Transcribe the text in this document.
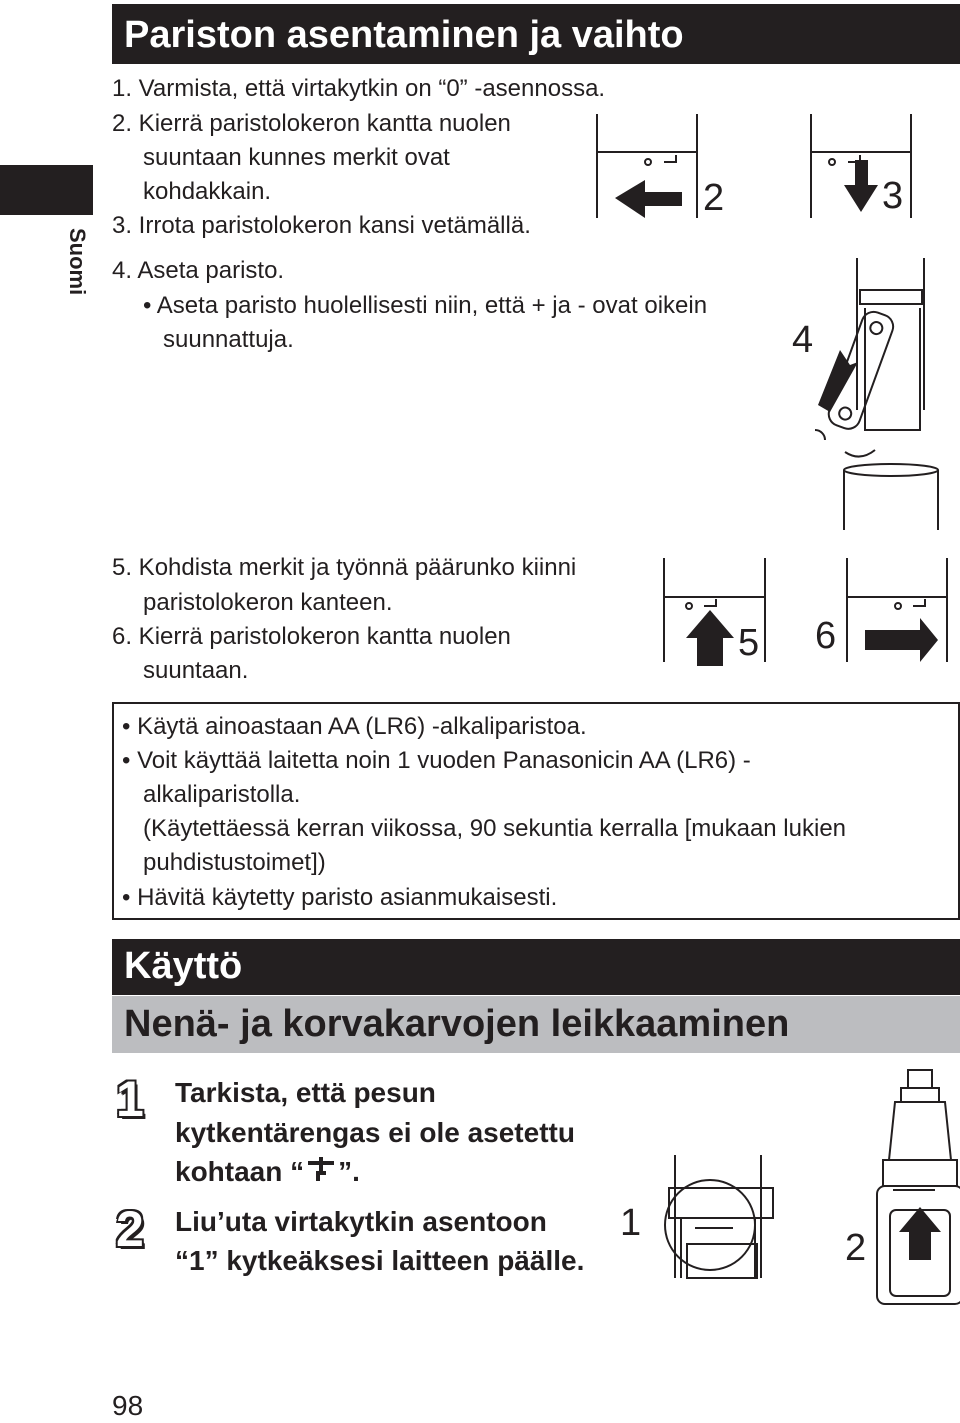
Suomi
Pariston asentaminen ja vaihto
1. Varmista, että virtakytkin on “0” -asennossa.
2. Kierrä paristolokeron kantta nuolen
suuntaan kunnes merkit ovat
kohdakkain.
3. Irrota paristolokeron kansi vetämällä.
4. Aseta paristo.
• Aseta paristo huolellisesti niin, että + ja - ovat oikein
suunnattuja.
5. Kohdista merkit ja työnnä päärunko kiinni
paristolokeron kanteen.
6. Kierrä paristolokeron kantta nuolen
suuntaan.
2	3
4
5 6
• Käytä ainoastaan AA (LR6) -alkaliparistoa.
• Voit käyttää laitetta noin 1 vuoden Panasonicin AA (LR6) -
alkaliparistolla.
(Käytettäessä kerran viikossa, 90 sekuntia kerralla [mukaan lukien
puhdistustoimet])
• Hävitä käytetty paristo asianmukaisesti.
Käyttö
Nenä- ja korvakarvojen leikkaaminen
1 Tarkista, että pesun
kytkentärengas ei ole asetettu
kohtaan “ ”.
2 Liu’uta virtakytkin asentoon
“1” kytkeäksesi laitteen päälle.
1
2
98
